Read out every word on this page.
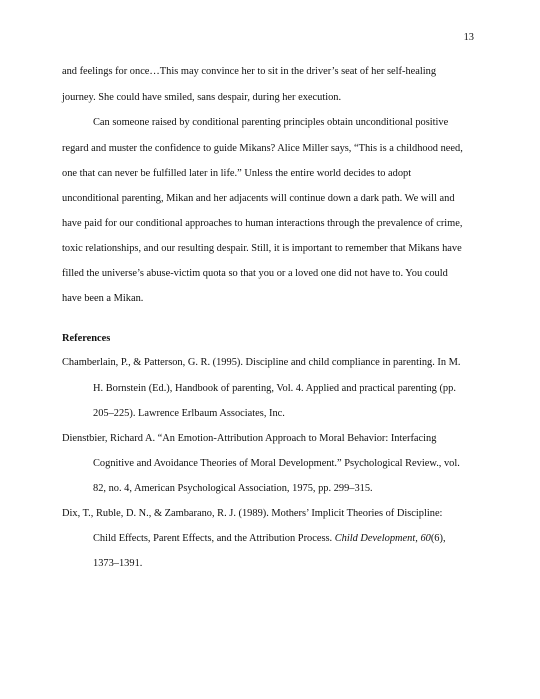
13
and feelings for once…This may convince her to sit in the driver’s seat of her self-healing
journey. She could have smiled, sans despair, during her execution.
Can someone raised by conditional parenting principles obtain unconditional positive
regard and muster the confidence to guide Mikans? Alice Miller says, “This is a childhood need,
one that can never be fulfilled later in life.” Unless the entire world decides to adopt
unconditional parenting, Mikan and her adjacents will continue down a dark path. We will and
have paid for our conditional approaches to human interactions through the prevalence of crime,
toxic relationships, and our resulting despair. Still, it is important to remember that Mikans have
filled the universe’s abuse-victim quota so that you or a loved one did not have to. You could
have been a Mikan.
References
Chamberlain, P., & Patterson, G. R. (1995). Discipline and child compliance in parenting. In M.
H. Bornstein (Ed.), Handbook of parenting, Vol. 4. Applied and practical parenting (pp.
205–225). Lawrence Erlbaum Associates, Inc.
Dienstbier, Richard A. “An Emotion-Attribution Approach to Moral Behavior: Interfacing
Cognitive and Avoidance Theories of Moral Development.” Psychological Review., vol.
82, no. 4, American Psychological Association, 1975, pp. 299–315.
Dix, T., Ruble, D. N., & Zambarano, R. J. (1989). Mothers’ Implicit Theories of Discipline:
Child Effects, Parent Effects, and the Attribution Process. Child Development, 60(6),
1373–1391.
